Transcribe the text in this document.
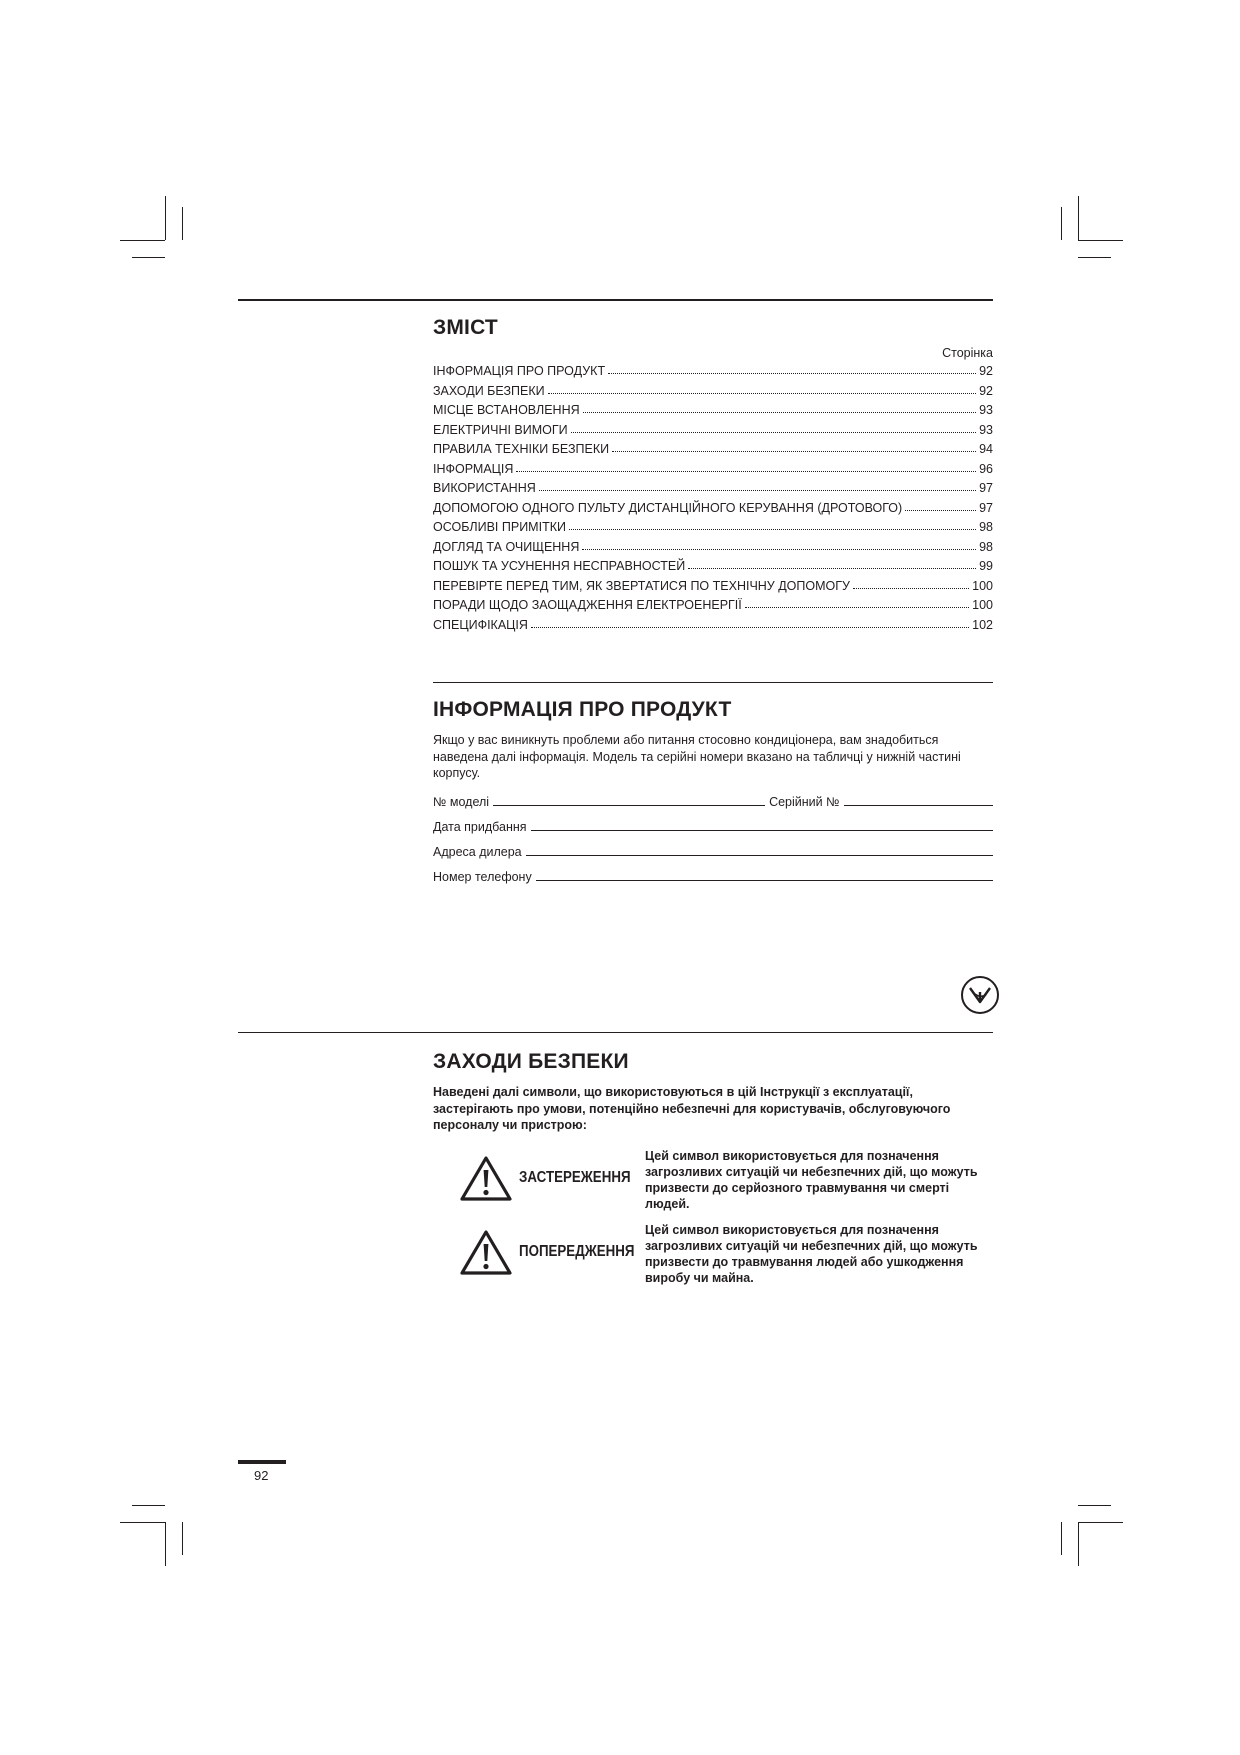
ЗМІСТ
Сторінка
ІНФОРМАЦІЯ ПРО ПРОДУКТ	92
ЗАХОДИ БЕЗПЕКИ	92
МІСЦЕ ВСТАНОВЛЕННЯ	93
ЕЛЕКТРИЧНІ ВИМОГИ	93
ПРАВИЛА ТЕХНІКИ БЕЗПЕКИ	94
ІНФОРМАЦІЯ	96
ВИКОРИСТАННЯ	97
ДОПОМОГОЮ ОДНОГО ПУЛЬТУ ДИСТАНЦІЙНОГО КЕРУВАННЯ (ДРОТОВОГО)	97
ОСОБЛИВІ ПРИМІТКИ	98
ДОГЛЯД ТА ОЧИЩЕННЯ	98
ПОШУК ТА УСУНЕННЯ НЕСПРАВНОСТЕЙ	99
ПЕРЕВІРТЕ ПЕРЕД ТИМ, ЯК ЗВЕРТАТИСЯ ПО ТЕХНІЧНУ ДОПОМОГУ	100
ПОРАДИ ЩОДО ЗАОЩАДЖЕННЯ ЕЛЕКТРОЕНЕРГІЇ	100
СПЕЦИФІКАЦІЯ	102
ІНФОРМАЦІЯ ПРО ПРОДУКТ

Якщо у вас виникнуть проблеми або питання стосовно кондиціонера, вам знадобиться наведена далі інформація. Модель та серійні номери вказано на табличці у нижній частині корпусу.

№ моделі	Серійний №
Дата придбання
Адреса дилера
Номер телефону
ЗАХОДИ БЕЗПЕКИ

Наведені далі символи, що використовуються в цій Інструкції з експлуатації, застерігають про умови, потенційно небезпечні для користувачів, обслуговуючого персоналу чи пристрою:

ЗАСТЕРЕЖЕННЯ
Цей символ використовується для позначення загрозливих ситуацій чи небезпечних дій, що можуть призвести до серйозного травмування чи смерті людей.
ПОПЕРЕДЖЕННЯ
Цей символ використовується для позначення загрозливих ситуацій чи небезпечних дій, що можуть призвести до травмування людей або ушкодження виробу чи майна.
92
